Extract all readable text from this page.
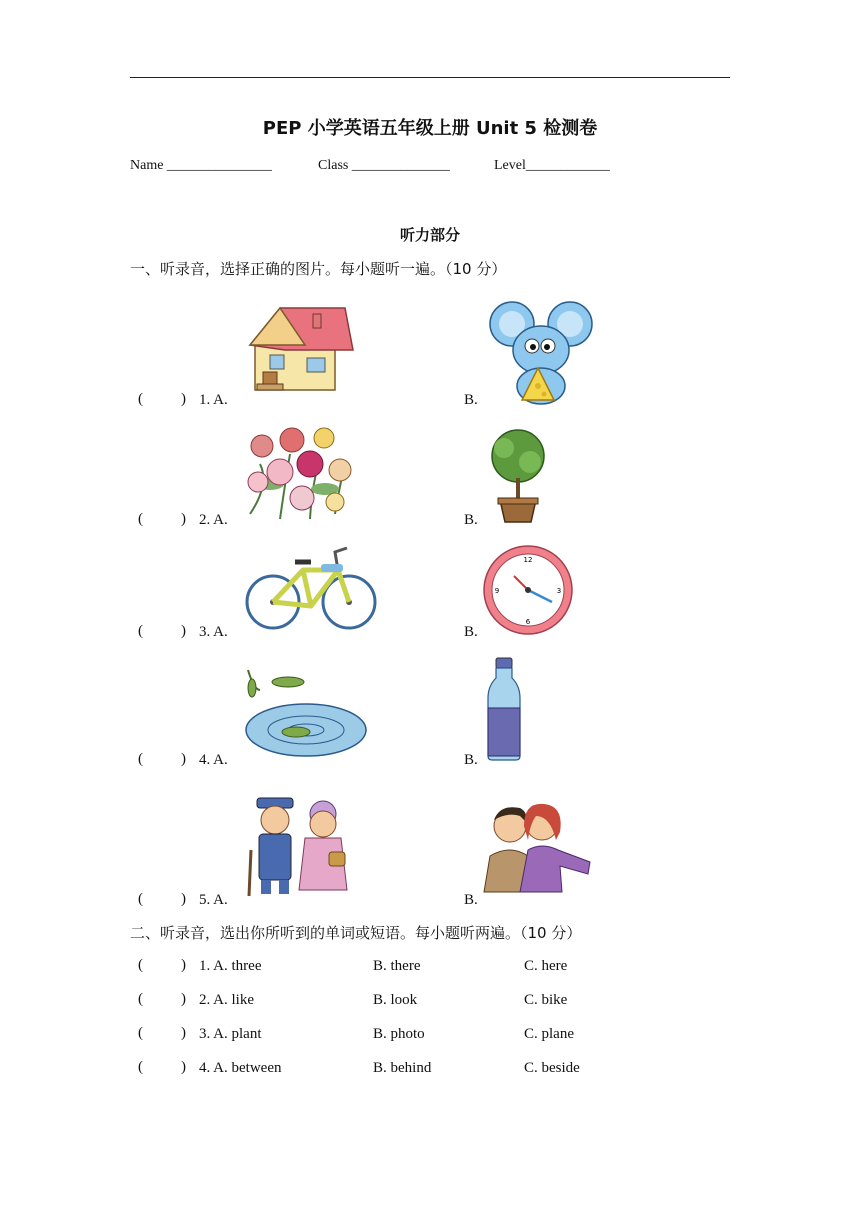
PEP 小学英语五年级上册 Unit 5 检测卷
Name _______________	Class ______________	Level____________
听力部分
一、听录音，选择正确的图片。每小题听一遍。（10 分）
(	) 1. A.	B.
(	) 2. A.	B.
(	) 3. A.	B.
12
3
6
9
(	) 4. A.	B.
(	) 5. A.	B.
二、听录音，选出你所听到的单词或短语。每小题听两遍。（10 分）
(	) 1. A. three	B. there	C. here
(	) 2. A. like	B. look	C. bike
(	) 3. A. plant	B. photo	C. plane
(	) 4. A. between	B. behind	C. beside
